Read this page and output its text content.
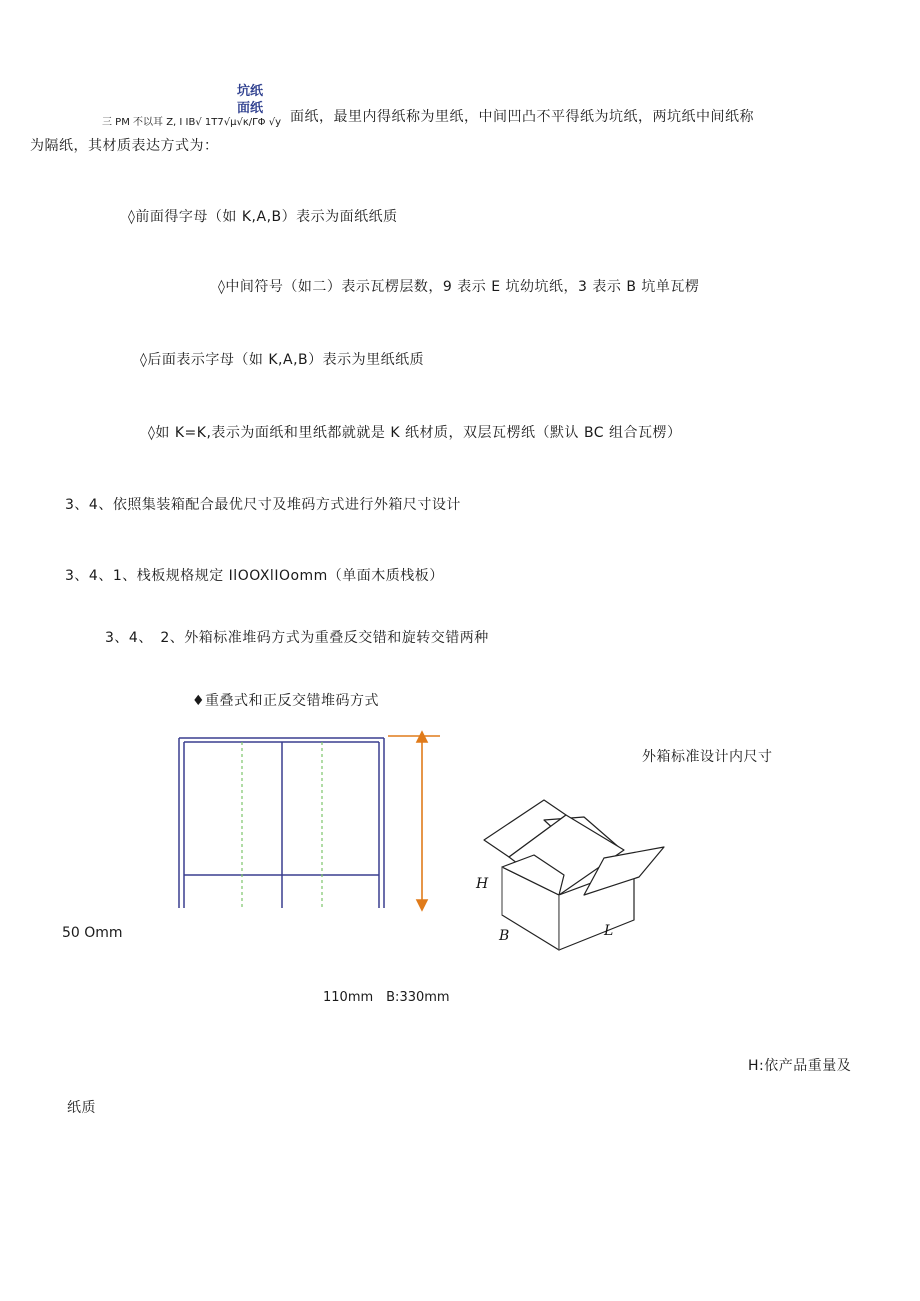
坑纸
面纸
三 PM 不以耳 Z, I IB√ 1T7√μ√κ/ΓΦ √y 面纸，最里内得纸称为里纸，中间凹凸不平得纸为坑纸，两坑纸中间纸称
为隔纸，其材质表达方式为：
◊前面得字母（如 K,A,B）表示为面纸纸质
◊中间符号（如二）表示瓦楞层数，9 表示 E 坑幼坑纸，3 表示 B 坑单瓦楞
◊后面表示字母（如 K,A,B）表示为里纸纸质
◊如 K=K,表示为面纸和里纸都就就是 K 纸材质，双层瓦楞纸（默认 BC 组合瓦楞）
3、4、依照集装箱配合最优尺寸及堆码方式进行外箱尺寸设计
3、4、1、栈板规格规定 IlOOXlIOomm（单面木质栈板）
3、4、　2、外箱标准堆码方式为重叠反交错和旋转交错两种
♦重叠式和正反交错堆码方式
50 Omm
外箱标准设计内尺寸
H
B	L
110mm　B:330mm
H:依产品重量及
纸质
